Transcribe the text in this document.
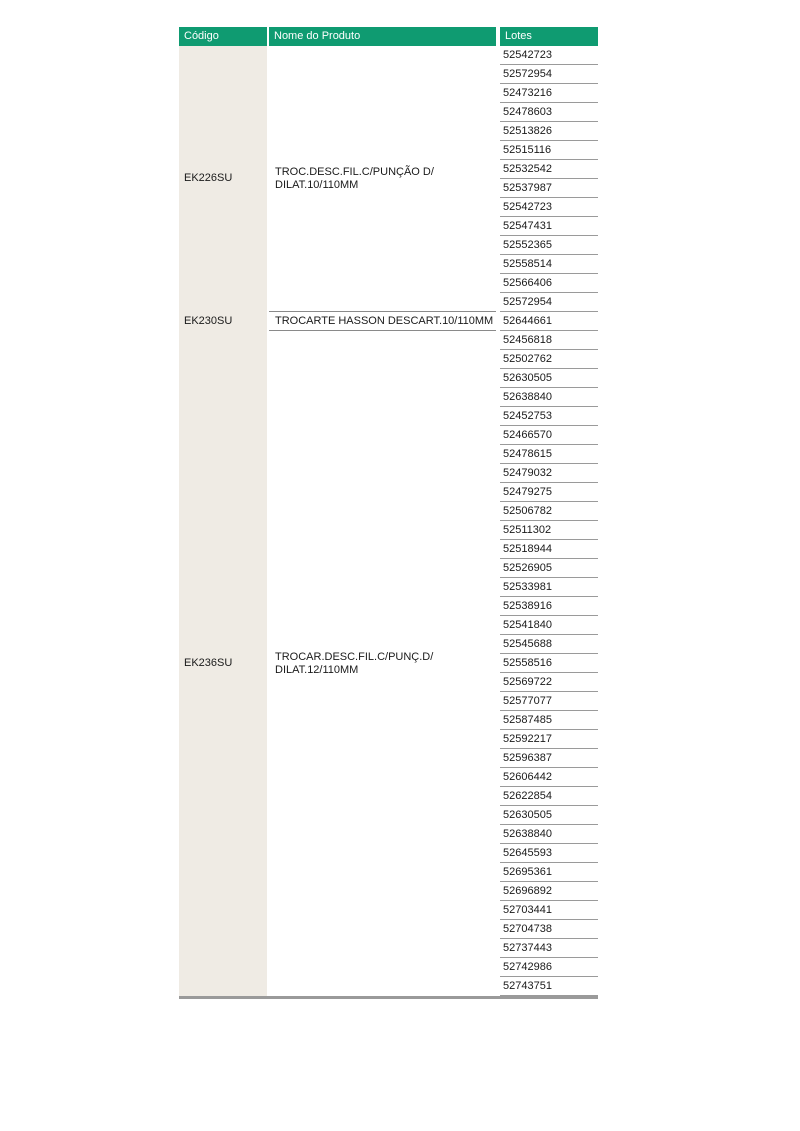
Código	Nome do Produto	Lotes
EK226SU	TROC.DESC.FIL.C/PUNÇÃO D/
DILAT.10/110MM
52542723
52572954
52473216
52478603
52513826
52515116
52532542
52537987
52542723
52547431
52552365
52558514
52566406
52572954
EK230SU	TROCARTE HASSON DESCART.10/110MM 52644661
EK236SU	TROCAR.DESC.FIL.C/PUNÇ.D/
DILAT.12/110MM
52456818
52502762
52630505
52638840
52452753
52466570
52478615
52479032
52479275
52506782
52511302
52518944
52526905
52533981
52538916
52541840
52545688
52558516
52569722
52577077
52587485
52592217
52596387
52606442
52622854
52630505
52638840
52645593
52695361
52696892
52703441
52704738
52737443
52742986
52743751
